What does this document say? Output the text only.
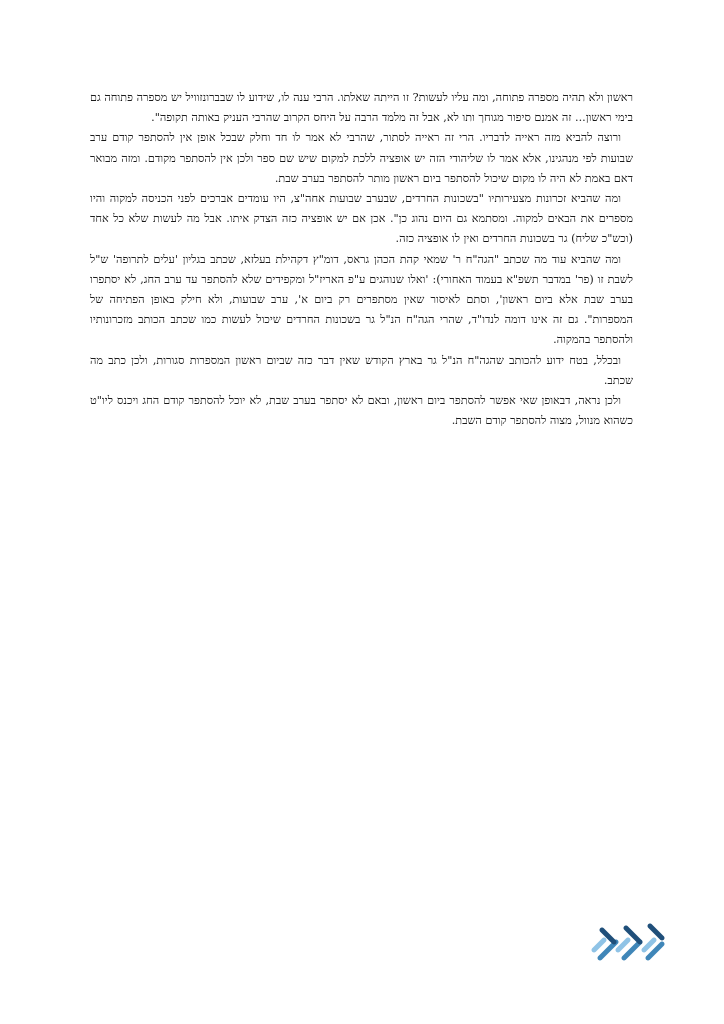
ראשון ולא תהיה מספרה פתוחה, ומה עליו לעשות? זו הייתה שאלתו. הרבי ענה לו, שידוע לו שבברונזוויל יש מספרה פתוחה גם בימי ראשון... זה אמנם סיפור מגוחך ותו לא, אבל זה מלמד הרבה על היחס הקרוב שהרבי העניק באותה תקופה".

ורוצה להביא מזה ראייה לדבריו. הרי זה ראייה לסתור, שהרבי לא אמר לו חד וחלק שבכל אופן אין להסתפר קודם ערב שבועות לפי מנהגינו, אלא אמר לו שליהודי הזה יש אופציה ללכת למקום שיש שם ספר ולכן אין להסתפר מקודם. ומזה מבואר דאם באמת לא היה לו מקום שיכול להסתפר ביום ראשון מותר להסתפר בערב שבת.

ומה שהביא זכרונות מצעירותיו "בשכונות החרדים, שבערב שבועות אחה"צ, היו עומדים אברכים לפני הכניסה למקוה והיו מספרים את הבאים למקוה. ומסתמא גם היום נהוג כן". אכן אם יש אופציה כזה הצדק איתו. אבל מה לעשות שלא כל אחד (וכש"כ שליח) גר בשכונות החרדים ואין לו אופציה כזה.

ומה שהביא עוד מה שכתב "הגה"ח ר' שמאי קהת הכהן גראס, דומ"ץ דקהילת בעלזא, שכתב בגליון 'עלים לתרופה' ש"ל לשבת זו (פר' במדבר תשפ"א בעמוד האחורי): 'ואלו שנוהגים ע"פ האריז"ל ומקפידים שלא להסתפר עד ערב החג, לא יסתפרו בערב שבת אלא ביום ראשון', וסתם לאיסור שאין מסתפרים רק ביום א', ערב שבועות, ולא חילק באופן הפתיחה של המספרות". גם זה אינו דומה לנדו"ד, שהרי הגה"ח הנ"ל גר בשכונות החרדים שיכול לעשות כמו שכתב הכותב מזכרונותיו ולהסתפר בהמקוה.

ובכלל, בטח ידוע להכותב שהגה"ח הנ"ל גר בארץ הקודש שאין דבר כזה שביום ראשון המספרות סגורות, ולכן כתב מה שכתב.

ולכן נראה, דבאופן שאי אפשר להסתפר ביום ראשון, ובאם לא יסתפר בערב שבת, לא יוכל להסתפר קודם החג ויכנס ליו"ט כשהוא מנוול, מצוה להסתפר קודם השבת.
